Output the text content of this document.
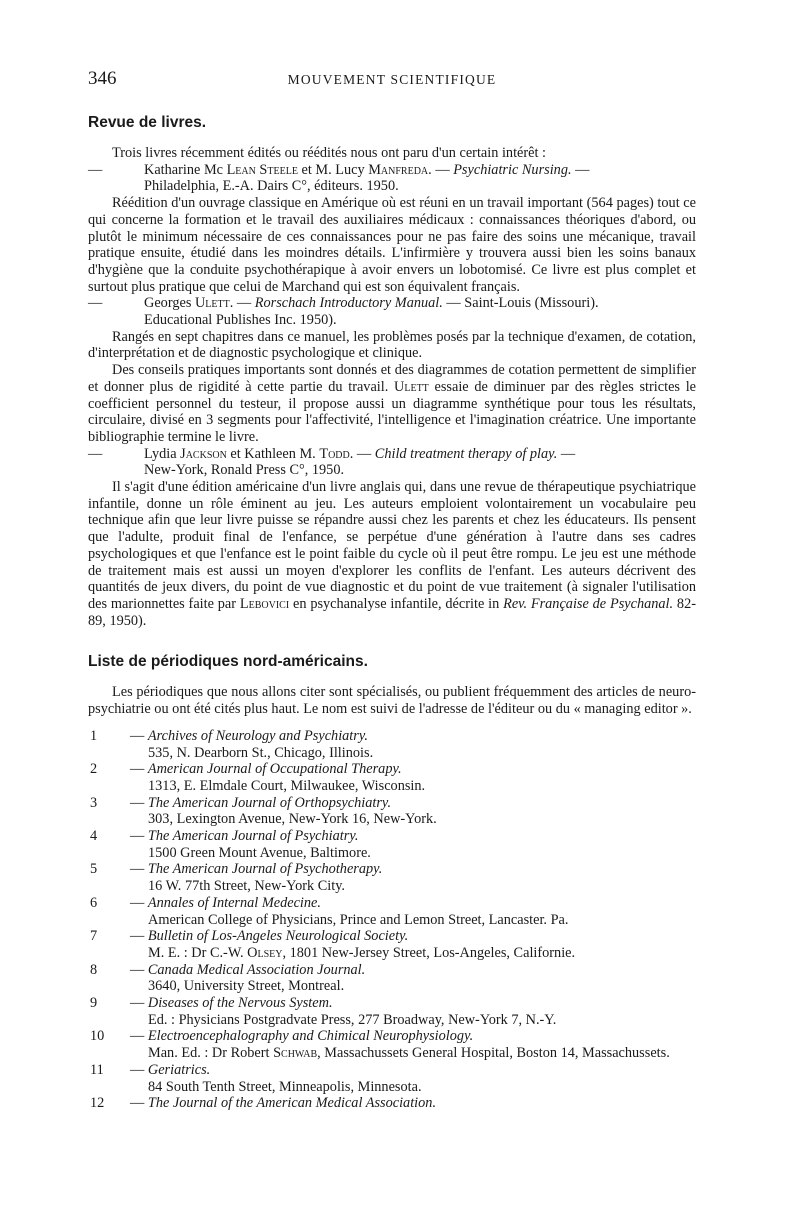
346	MOUVEMENT SCIENTIFIQUE
Revue de livres.

Trois livres récemment édités ou réédités nous ont paru d'un certain intérêt :

—	Katharine Mc Lean Steele et M. Lucy Manfreda. — Psychiatric Nursing. —
Philadelphia, E.-A. Dairs C°, éditeurs. 1950.

Réédition d'un ouvrage classique en Amérique où est réuni en un travail important (564 pages) tout ce qui concerne la formation et le travail des auxiliaires médicaux : connaissances théoriques d'abord, ou plutôt le minimum nécessaire de ces connaissances pour ne pas faire des soins une mécanique, travail pratique ensuite, étudié dans les moindres détails. L'infirmière y trouvera aussi bien les soins banaux d'hygiène que la conduite psychothérapique à avoir envers un lobotomisé. Ce livre est plus complet et surtout plus pratique que celui de Marchand qui est son équivalent français.

—	Georges Ulett. — Rorschach Introductory Manual. — Saint-Louis (Missouri).
Educational Publishes Inc. 1950).

Rangés en sept chapitres dans ce manuel, les problèmes posés par la technique d'examen, de cotation, d'interprétation et de diagnostic psychologique et clinique.

Des conseils pratiques importants sont donnés et des diagrammes de cotation permettent de simplifier et donner plus de rigidité à cette partie du travail. Ulett essaie de diminuer par des règles strictes le coefficient personnel du testeur, il propose aussi un diagramme synthétique pour tous les résultats, circulaire, divisé en 3 segments pour l'affectivité, l'intelligence et l'imagination créatrice. Une importante bibliographie termine le livre.

—	Lydia Jackson et Kathleen M. Todd. — Child treatment therapy of play. —
New-York, Ronald Press C°, 1950.

Il s'agit d'une édition américaine d'un livre anglais qui, dans une revue de thérapeutique psychiatrique infantile, donne un rôle éminent au jeu. Les auteurs emploient volontairement un vocabulaire peu technique afin que leur livre puisse se répandre aussi chez les parents et chez les éducateurs. Ils pensent que l'adulte, produit final de l'enfance, se perpétue d'une génération à l'autre dans ses cadres psychologiques et que l'enfance est le point faible du cycle où il peut être rompu. Le jeu est une méthode de traitement mais est aussi un moyen d'explorer les conflits de l'enfant. Les auteurs décrivent des quantités de jeux divers, du point de vue diagnostic et du point de vue traitement (à signaler l'utilisation des marionnettes faite par Lebovici en psychanalyse infantile, décrite in Rev. Française de Psychanal. 82-89, 1950).

Liste de périodiques nord-américains.

Les périodiques que nous allons citer sont spécialisés, ou publient fréquemment des articles de neuro-psychiatrie ou ont été cités plus haut. Le nom est suivi de l'adresse de l'éditeur ou du « managing editor ».

1 — Archives of Neurology and Psychiatry.
535, N. Dearborn St., Chicago, Illinois.
2 — American Journal of Occupational Therapy.
1313, E. Elmdale Court, Milwaukee, Wisconsin.
3 — The American Journal of Orthopsychiatry.
303, Lexington Avenue, New-York 16, New-York.
4 — The American Journal of Psychiatry.
1500 Green Mount Avenue, Baltimore.
5 — The American Journal of Psychotherapy.
16 W. 77th Street, New-York City.
6 — Annales of Internal Medecine.
American College of Physicians, Prince and Lemon Street, Lancaster. Pa.
7 — Bulletin of Los-Angeles Neurological Society.
M. E. : Dr C.-W. Olsey, 1801 New-Jersey Street, Los-Angeles, Californie.
8 — Canada Medical Association Journal.
3640, University Street, Montreal.
9 — Diseases of the Nervous System.
Ed. : Physicians Postgradvate Press, 277 Broadway, New-York 7, N.-Y.
10 — Electroencephalography and Chimical Neurophysiology.
Man. Ed. : Dr Robert Schwab, Massachussets General Hospital, Boston 14, Massachussets.
11 — Geriatrics.
84 South Tenth Street, Minneapolis, Minnesota.
12 — The Journal of the American Medical Association.
